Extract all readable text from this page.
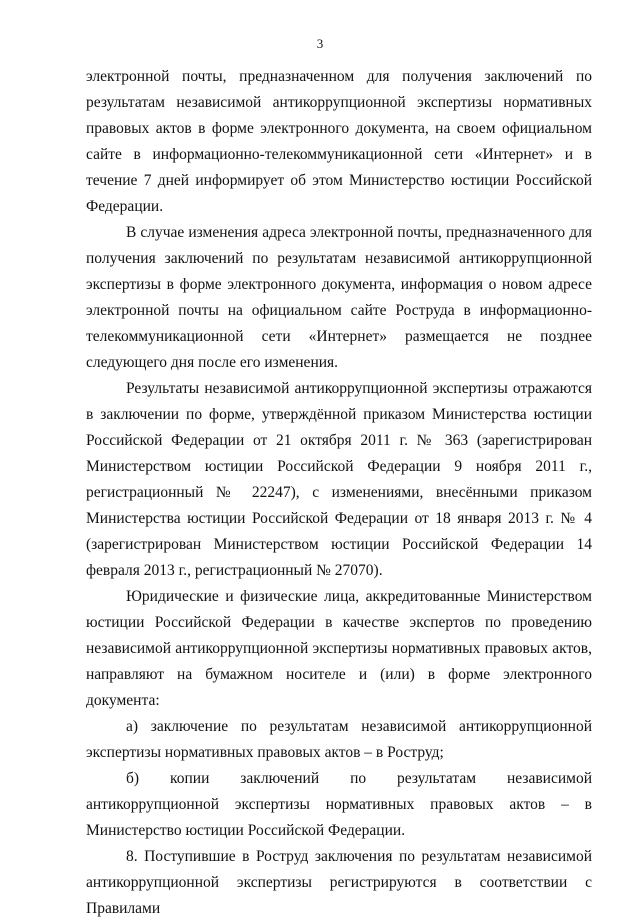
3

электронной почты, предназначенном для получения заключений по результатам независимой антикоррупционной экспертизы нормативных правовых актов в форме электронного документа, на своем официальном сайте в информационно-телекоммуникационной сети «Интернет» и в течение 7 дней информирует об этом Министерство юстиции Российской Федерации.

В случае изменения адреса электронной почты, предназначенного для получения заключений по результатам независимой антикоррупционной экспертизы в форме электронного документа, информация о новом адресе электронной почты на официальном сайте Роструда в информационно-телекоммуникационной сети «Интернет» размещается не позднее следующего дня после его изменения.

Результаты независимой антикоррупционной экспертизы отражаются в заключении по форме, утверждённой приказом Министерства юстиции Российской Федерации от 21 октября 2011 г. № 363 (зарегистрирован Министерством юстиции Российской Федерации 9 ноября 2011 г., регистрационный № 22247), с изменениями, внесёнными приказом Министерства юстиции Российской Федерации от 18 января 2013 г. № 4 (зарегистрирован Министерством юстиции Российской Федерации 14 февраля 2013 г., регистрационный № 27070).

Юридические и физические лица, аккредитованные Министерством юстиции Российской Федерации в качестве экспертов по проведению независимой антикоррупционной экспертизы нормативных правовых актов, направляют на бумажном носителе и (или) в форме электронного документа:

а) заключение по результатам независимой антикоррупционной экспертизы нормативных правовых актов – в Роструд;

б) копии заключений по результатам независимой антикоррупционной экспертизы нормативных правовых актов – в Министерство юстиции Российской Федерации.

8. Поступившие в Роструд заключения по результатам независимой антикоррупционной экспертизы регистрируются в соответствии с Правилами
